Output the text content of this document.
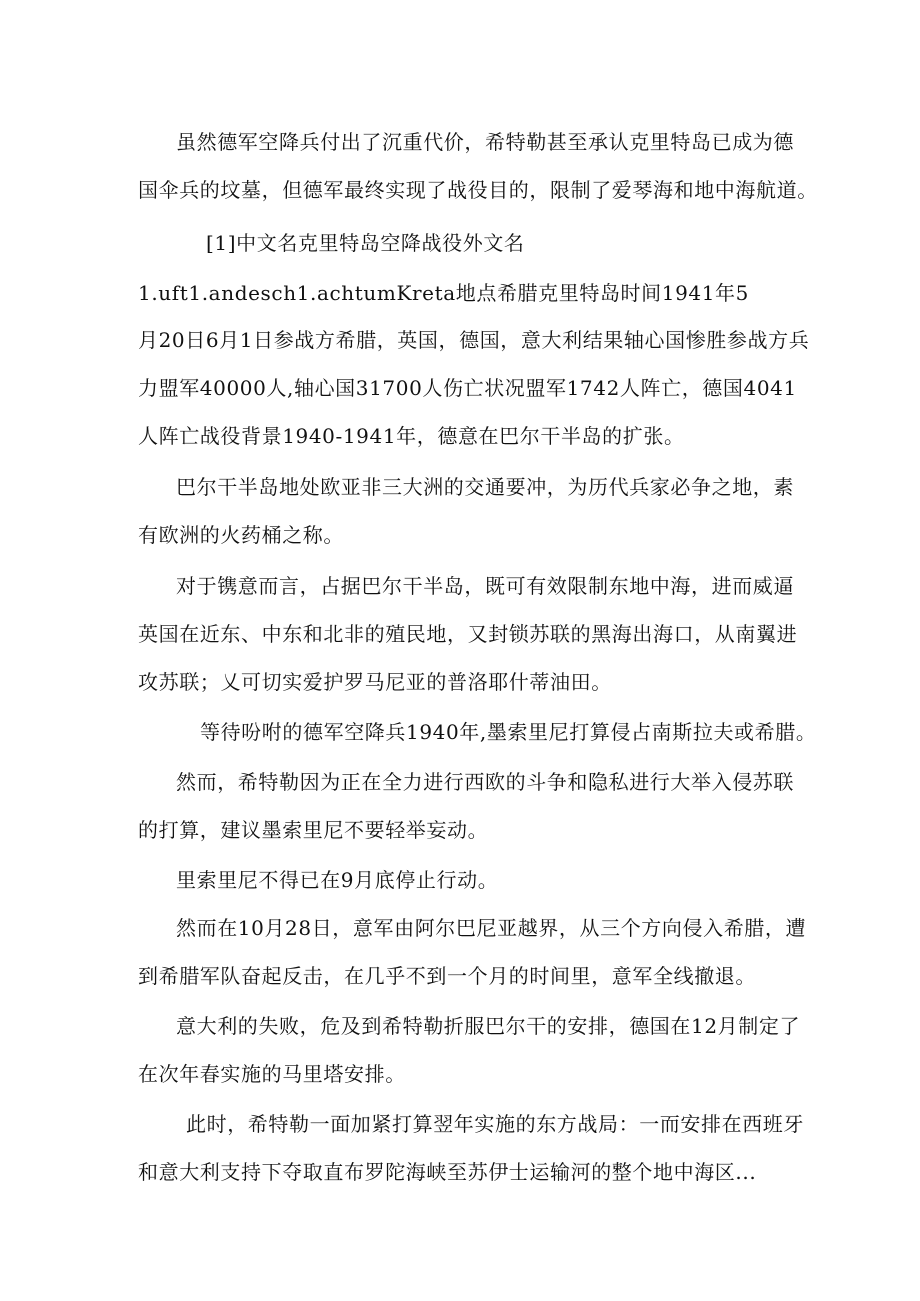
虽然德军空降兵付出了沉重代价，希特勒甚至承认克里特岛已成为德
国伞兵的坟墓，但德军最终实现了战役目的，限制了爱琴海和地中海航道。
[1]中文名克里特岛空降战役外文名
1.uft1.andesch1.achtumKreta地点希腊克里特岛时间1941年5
月20日6月1日参战方希腊，英国，德国，意大利结果轴心国惨胜参战方兵
力盟军40000人,轴心国31700人伤亡状况盟军1742人阵亡，德国4041
人阵亡战役背景1940-1941年，德意在巴尔干半岛的扩张。
巴尔干半岛地处欧亚非三大洲的交通要冲，为历代兵家必争之地，素
有欧洲的火药桶之称。
对于镌意而言，占据巴尔干半岛，既可有效限制东地中海，进而威逼
英国在近东、中东和北非的殖民地，又封锁苏联的黑海出海口，从南翼进
攻苏联；乂可切实爱护罗马尼亚的普洛耶什蒂油田。
等待吩咐的德军空降兵1940年,墨索里尼打算侵占南斯拉夫或希腊。
然而，希特勒因为正在全力进行西欧的斗争和隐私进行大举入侵苏联
的打算，建议墨索里尼不要轻举妄动。
里索里尼不得已在9月底停止行动。
然而在10月28日，意军由阿尔巴尼亚越界，从三个方向侵入希腊，遭
到希腊军队奋起反击，在几乎不到一个月的时间里，意军全线撤退。
意大利的失败，危及到希特勒折服巴尔干的安排，德国在12月制定了
在次年春实施的马里塔安排。
此时，希特勒一面加紧打算翌年实施的东方战局：一而安排在西班牙
和意大利支持下夺取直布罗陀海峡至苏伊士运输河的整个地中海区...
